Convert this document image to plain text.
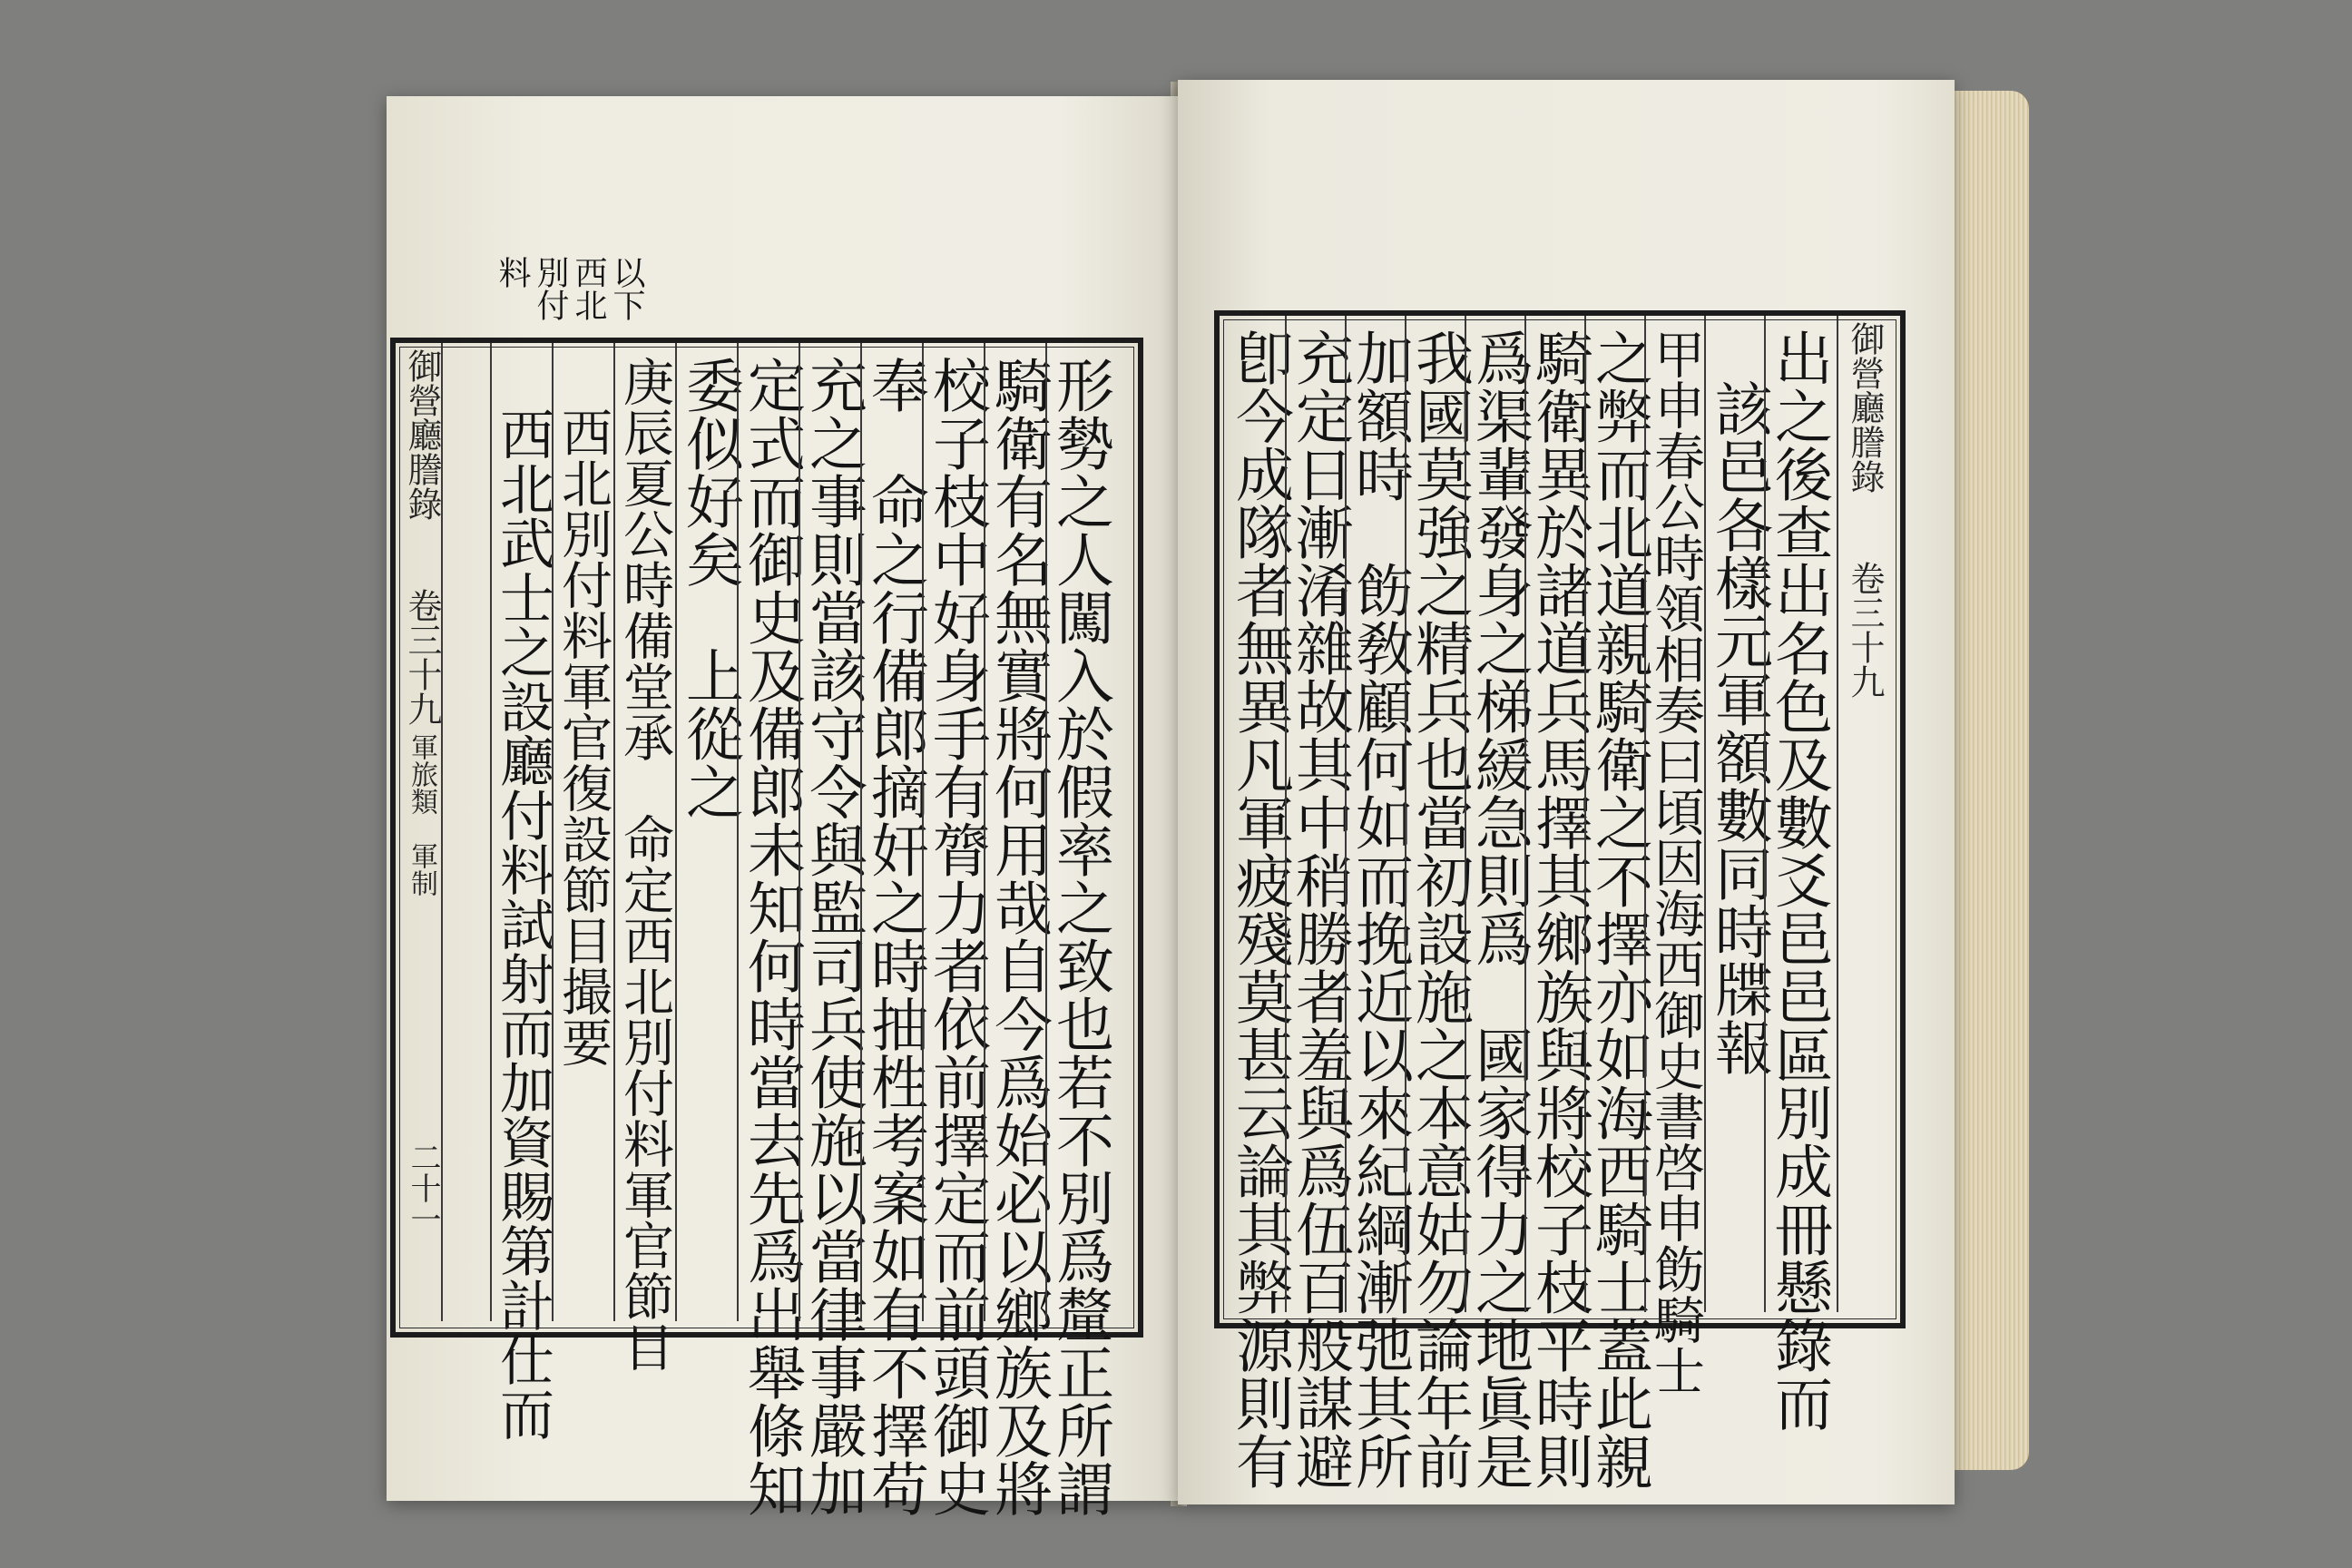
以下
西北
別付
料
御營廳謄錄
卷三十九
軍旅類
軍制
二十一	形勢之人闖入於假率之致也若不別爲釐正所謂
騎衛有名無實將何用哉自今爲始必以鄉族及將
校子枝中好身手有膂力者依前擇定而前頭御史
奉　命之行備郎摘奸之時抽栍考案如有不擇苟
充之事則當該守令與監司兵使施以當律事嚴加
定式而御史及備郎未知何時當去先爲出舉條知
委似好矣　上從之
庚辰夏公時備堂承　命定西北別付料軍官節目
西北別付料軍官復設節目撮要
西北武士之設廳付料試射而加資賜第計仕而	御營廳謄錄
卷三十九
出之後查出名色及數爻邑邑區別成冊懸錄而
該邑各樣元軍額數同時牒報
甲申春公時領相奏曰頃因海西御史書啓申飭騎士
之弊而北道親騎衛之不擇亦如海西騎士蓋此親
騎衛異於諸道兵馬擇其鄉族與將校子枝平時則
爲渠輩發身之梯緩急則爲　國家得力之地眞是
我國莫強之精兵也當初設施之本意姑勿論年前
加額時　飭敎顧何如而挽近以來紀綱漸弛其所
充定日漸淆雜故其中稍勝者羞與爲伍百般謀避
卽今成隊者無異凡軍疲殘莫甚云論其弊源則有
